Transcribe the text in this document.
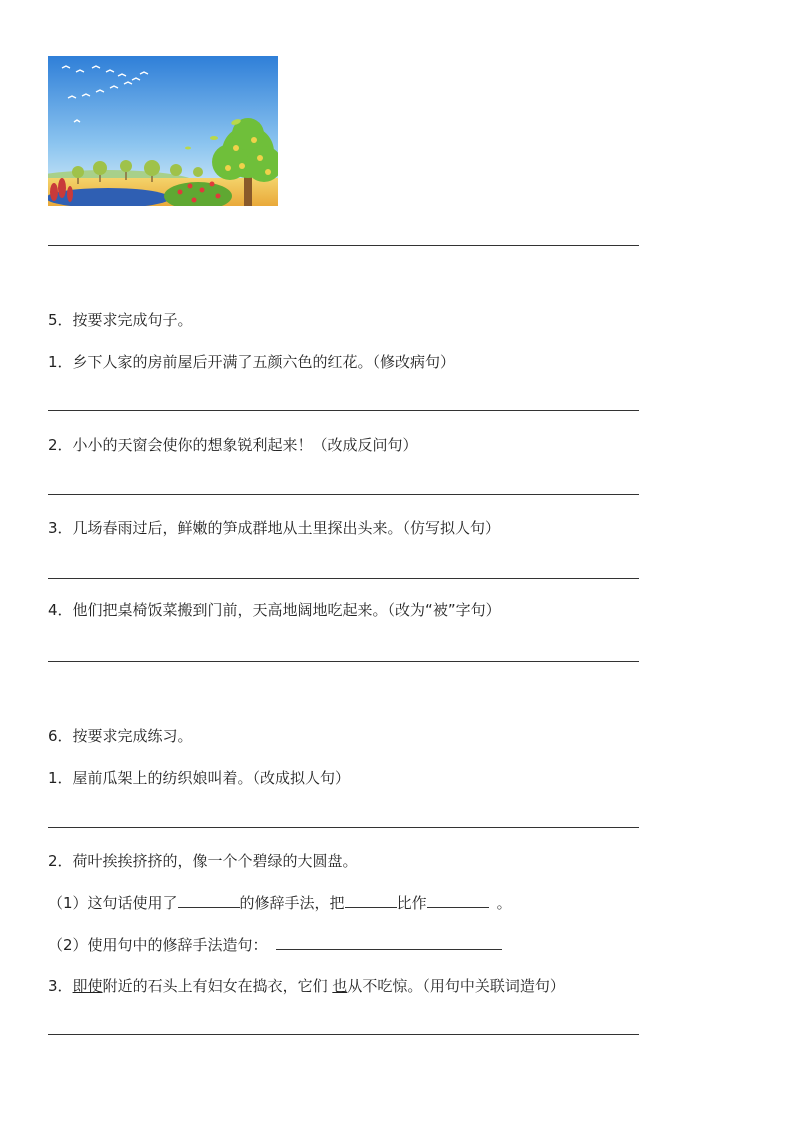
5．按要求完成句子。
1．乡下人家的房前屋后开满了五颜六色的红花。（修改病句）
2．小小的天窗会使你的想象锐利起来！（改成反问句）
3．几场春雨过后，鲜嫩的笋成群地从土里探出头来。（仿写拟人句）
4．他们把桌椅饭菜搬到门前，天高地阔地吃起来。（改为“被”字句）
6．按要求完成练习。
1．屋前瓜架上的纺织娘叫着。（改成拟人句）
2．荷叶挨挨挤挤的，像一个个碧绿的大圆盘。
（1）这句话使用了	的修辞手法，把	比作	。
（2）使用句中的修辞手法造句：
3．即使附近的石头上有妇女在捣衣，它们 也从不吃惊。（用句中关联词造句）
